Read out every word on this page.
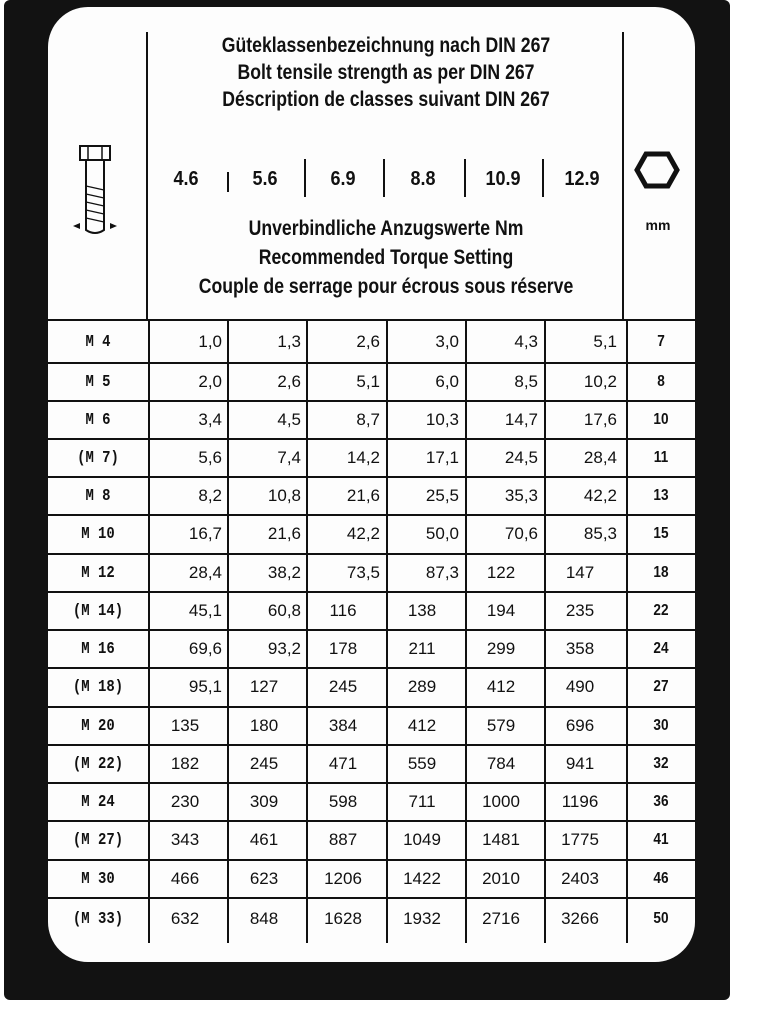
Güteklassenbezeichnung nach DIN 267
Bolt tensile strength as per DIN 267
Déscription de classes suivant DIN 267
4.6	5.6	6.9	8.8	10.9	12.9
mm
Unverbindliche Anzugswerte Nm
Recommended Torque Setting
Couple de serrage pour écrous sous réserve
M 4	1,0	1,3	2,6	3,0	4,3	5,1	7
M 5	2,0	2,6	5,1	6,0	8,5	10,2	8
M 6	3,4	4,5	8,7	10,3	14,7	17,6	10
(M 7)	5,6	7,4	14,2	17,1	24,5	28,4	11
M 8	8,2	10,8	21,6	25,5	35,3	42,2	13
M 10	16,7	21,6	42,2	50,0	70,6	85,3	15
M 12	28,4	38,2	73,5	87,3	122	147	18
(M 14)	45,1	60,8	116	138	194	235	22
M 16	69,6	93,2	178	211	299	358	24
(M 18)	95,1	127	245	289	412	490	27
M 20	135	180	384	412	579	696	30
(M 22)	182	245	471	559	784	941	32
M 24	230	309	598	711	1000	1196	36
(M 27)	343	461	887	1049	1481	1775	41
M 30	466	623	1206	1422	2010	2403	46
(M 33)	632	848	1628	1932	2716	3266	50
